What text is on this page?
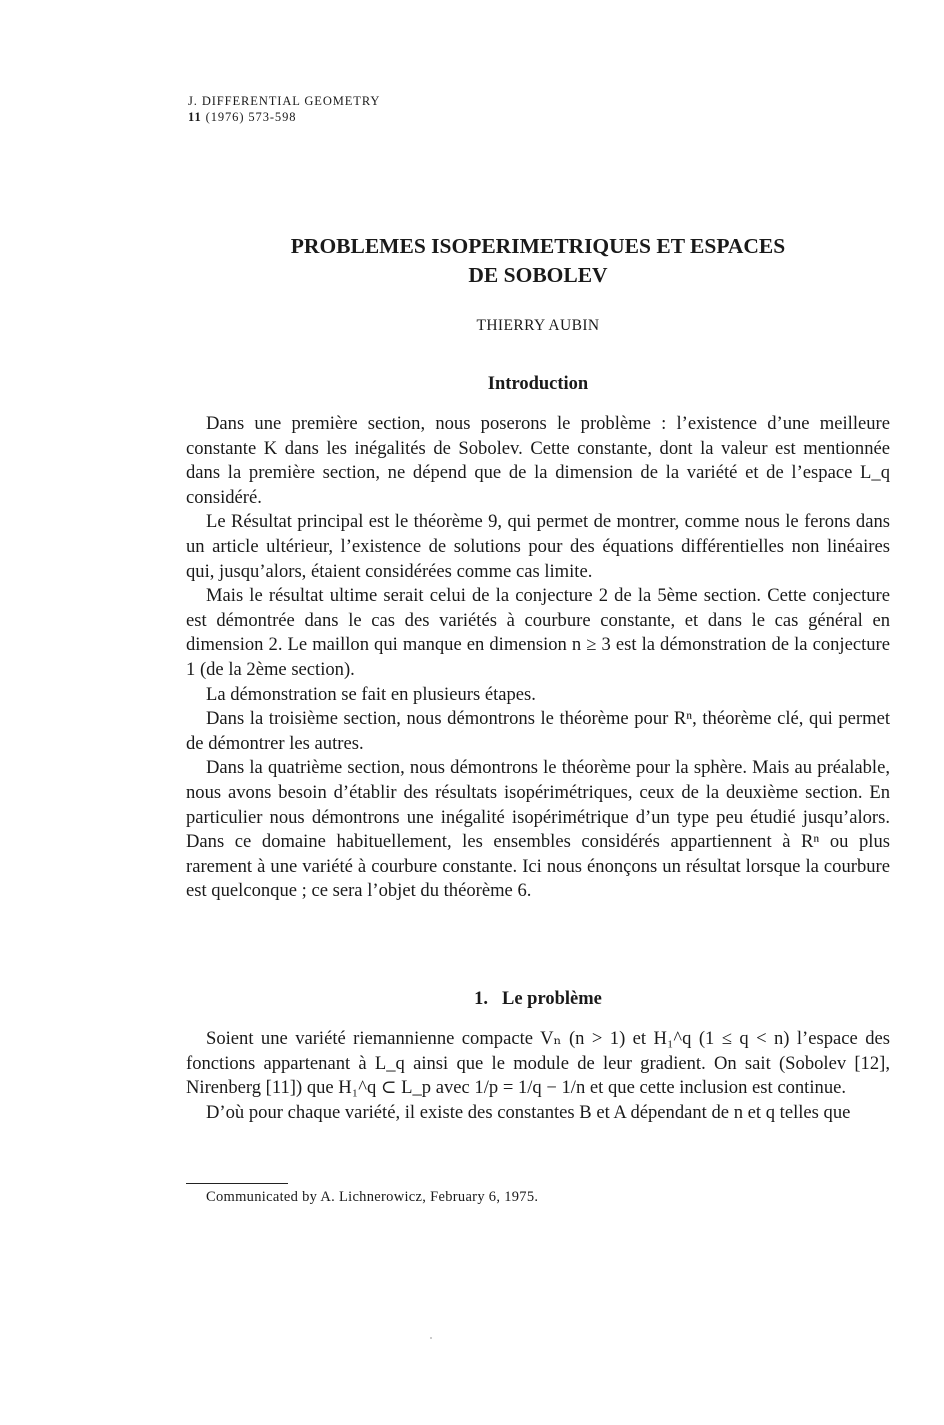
J. DIFFERENTIAL GEOMETRY
11 (1976) 573-598
PROBLEMES ISOPERIMETRIQUES ET ESPACES
DE SOBOLEV
THIERRY AUBIN
Introduction

Dans une première section, nous poserons le problème : l’existence d’une meilleure constante K dans les inégalités de Sobolev. Cette constante, dont la valeur est mentionnée dans la première section, ne dépend que de la dimension de la variété et de l’espace L_q considéré.

Le Résultat principal est le théorème 9, qui permet de montrer, comme nous le ferons dans un article ultérieur, l’existence de solutions pour des équations différentielles non linéaires qui, jusqu’alors, étaient considérées comme cas limite.

Mais le résultat ultime serait celui de la conjecture 2 de la 5ème section. Cette conjecture est démontrée dans le cas des variétés à courbure constante, et dans le cas général en dimension 2. Le maillon qui manque en dimension n ≥ 3 est la démonstration de la conjecture 1 (de la 2ème section).

La démonstration se fait en plusieurs étapes.

Dans la troisième section, nous démontrons le théorème pour Rⁿ, théorème clé, qui permet de démontrer les autres.

Dans la quatrième section, nous démontrons le théorème pour la sphère. Mais au préalable, nous avons besoin d’établir des résultats isopérimétriques, ceux de la deuxième section. En particulier nous démontrons une inégalité isopérimétrique d’un type peu étudié jusqu’alors. Dans ce domaine habituellement, les ensembles considérés appartiennent à Rⁿ ou plus rarement à une variété à courbure constante. Ici nous énonçons un résultat lorsque la courbure est quelconque ; ce sera l’objet du théorème 6.

1. Le problème

Soient une variété riemannienne compacte Vₙ (n > 1) et H₁^q (1 ≤ q < n) l’espace des fonctions appartenant à L_q ainsi que le module de leur gradient. On sait (Sobolev [12], Nirenberg [11]) que H₁^q ⊂ L_p avec 1/p = 1/q − 1/n et que cette inclusion est continue.

D’où pour chaque variété, il existe des constantes B et A dépendant de n et q telles que

Communicated by A. Lichnerowicz, February 6, 1975.
